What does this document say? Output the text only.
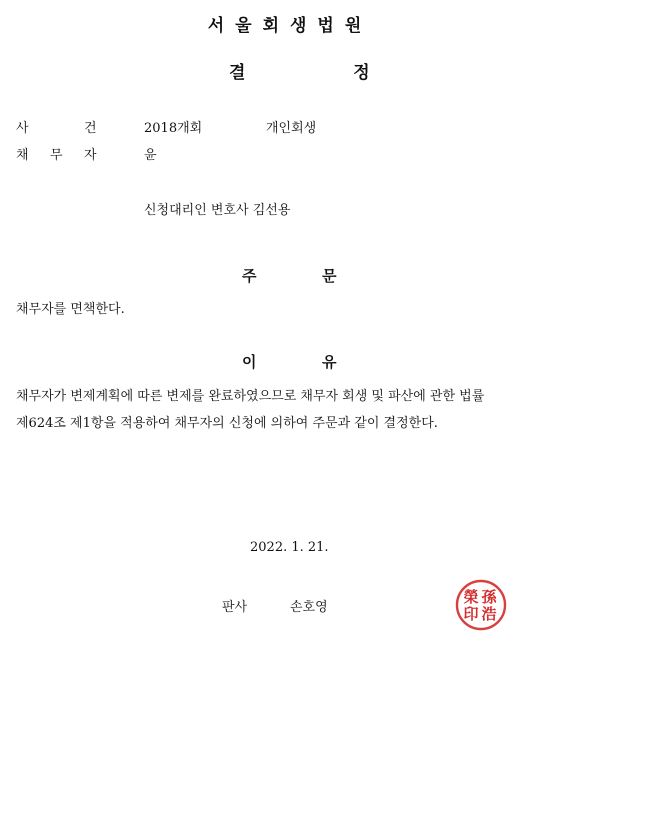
서울회생법원
결	정
사	건	2018개회	개인회생
채 무 자	윤
신청대리인 변호사 김선용
주	문
채무자를 면책한다.
이	유
채무자가 변제계획에 따른 변제를 완료하였으므로 채무자 회생 및 파산에 관한 법률
제624조 제1항을 적용하여 채무자의 신청에 의하여 주문과 같이 결정한다.
2022. 1. 21.
판사	손호영
孫
浩
榮
印
